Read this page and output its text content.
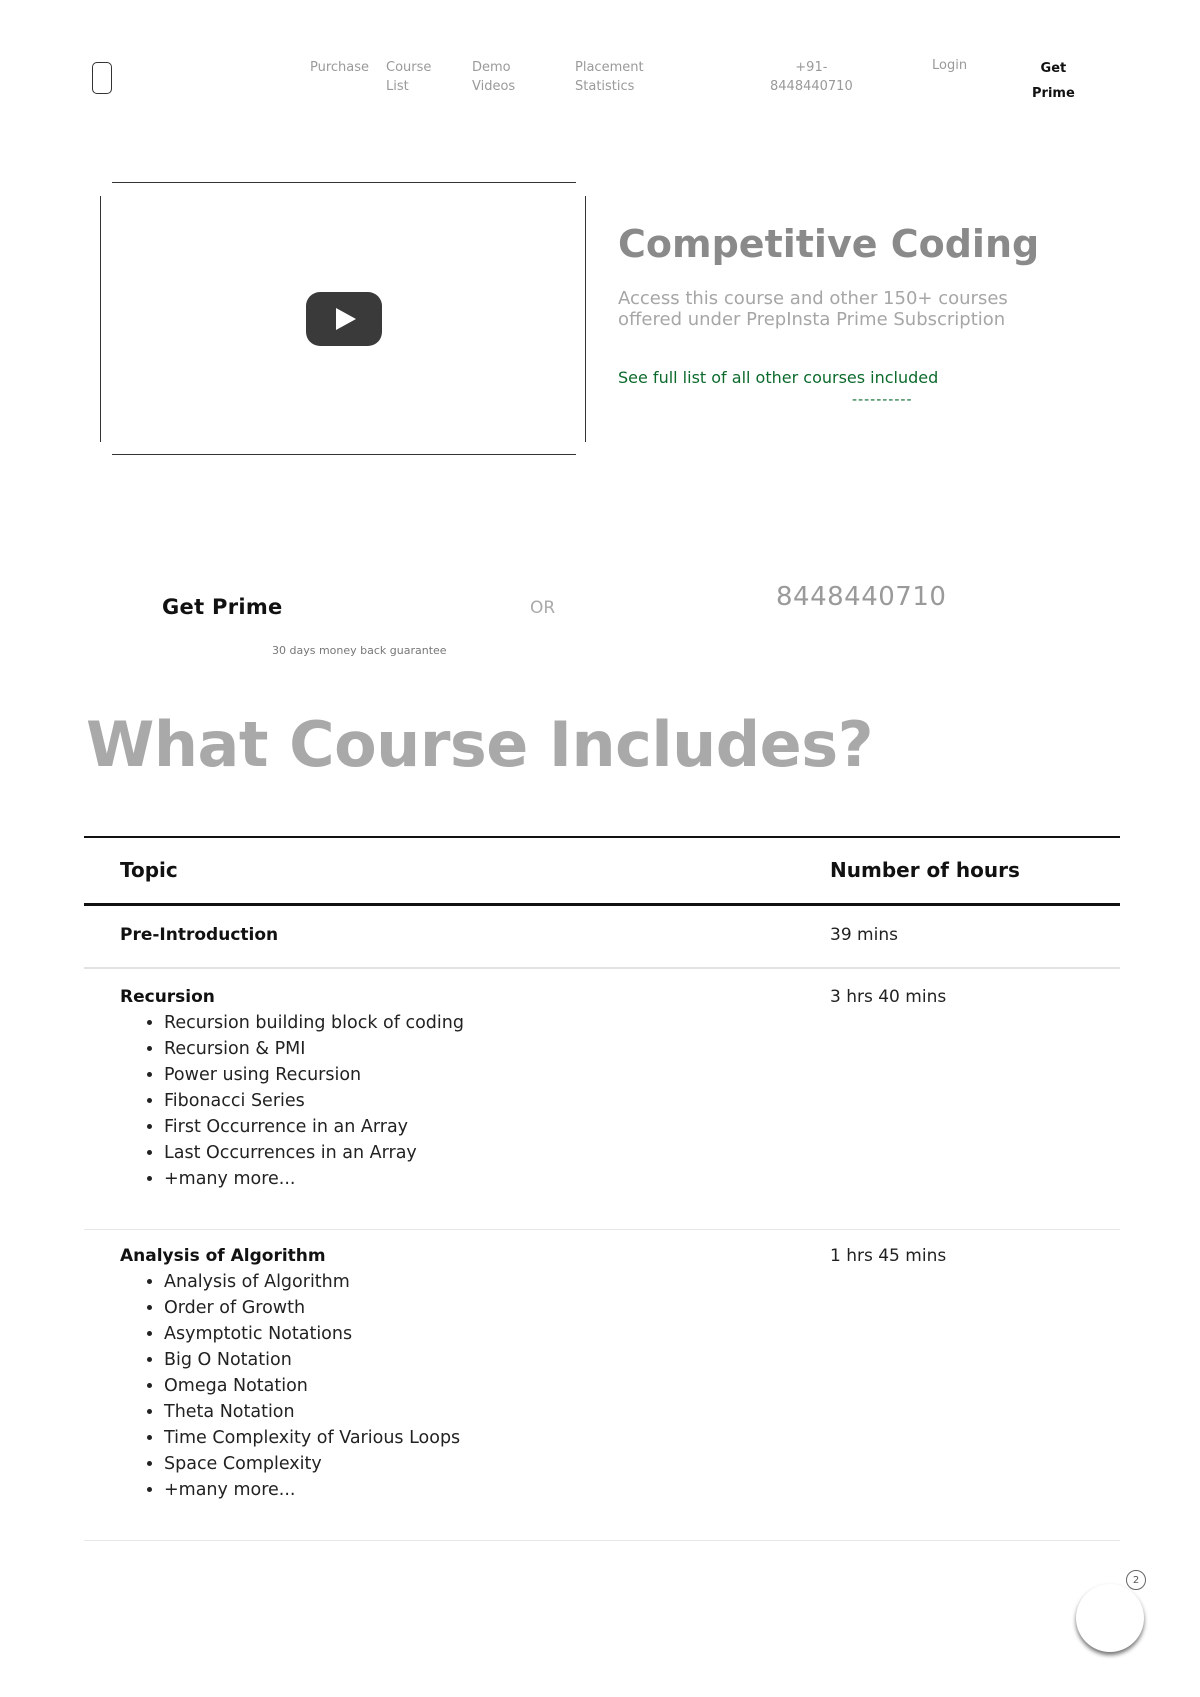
Purchase Course
List
Demo
Videos
Placement
Statistics
+91-
8448440710
Login	Get
Prime
Competitive Coding
Access this course and other 150+ courses offered under PrepInsta Prime Subscription
See full list of all other courses included
----------
Get Prime
30 days money back guarantee
OR	8448440710
What Course Includes?
Topic	Number of hours
Pre-Introduction	39 mins
Recursion	3 hrs 40 mins
• Recursion building block of coding
• Recursion & PMI
• Power using Recursion
• Fibonacci Series
• First Occurrence in an Array
• Last Occurrences in an Array
• +many more...
Analysis of Algorithm	1 hrs 45 mins
• Analysis of Algorithm
• Order of Growth
• Asymptotic Notations
• Big O Notation
• Omega Notation
• Theta Notation
• Time Complexity of Various Loops
• Space Complexity
• +many more...
2
